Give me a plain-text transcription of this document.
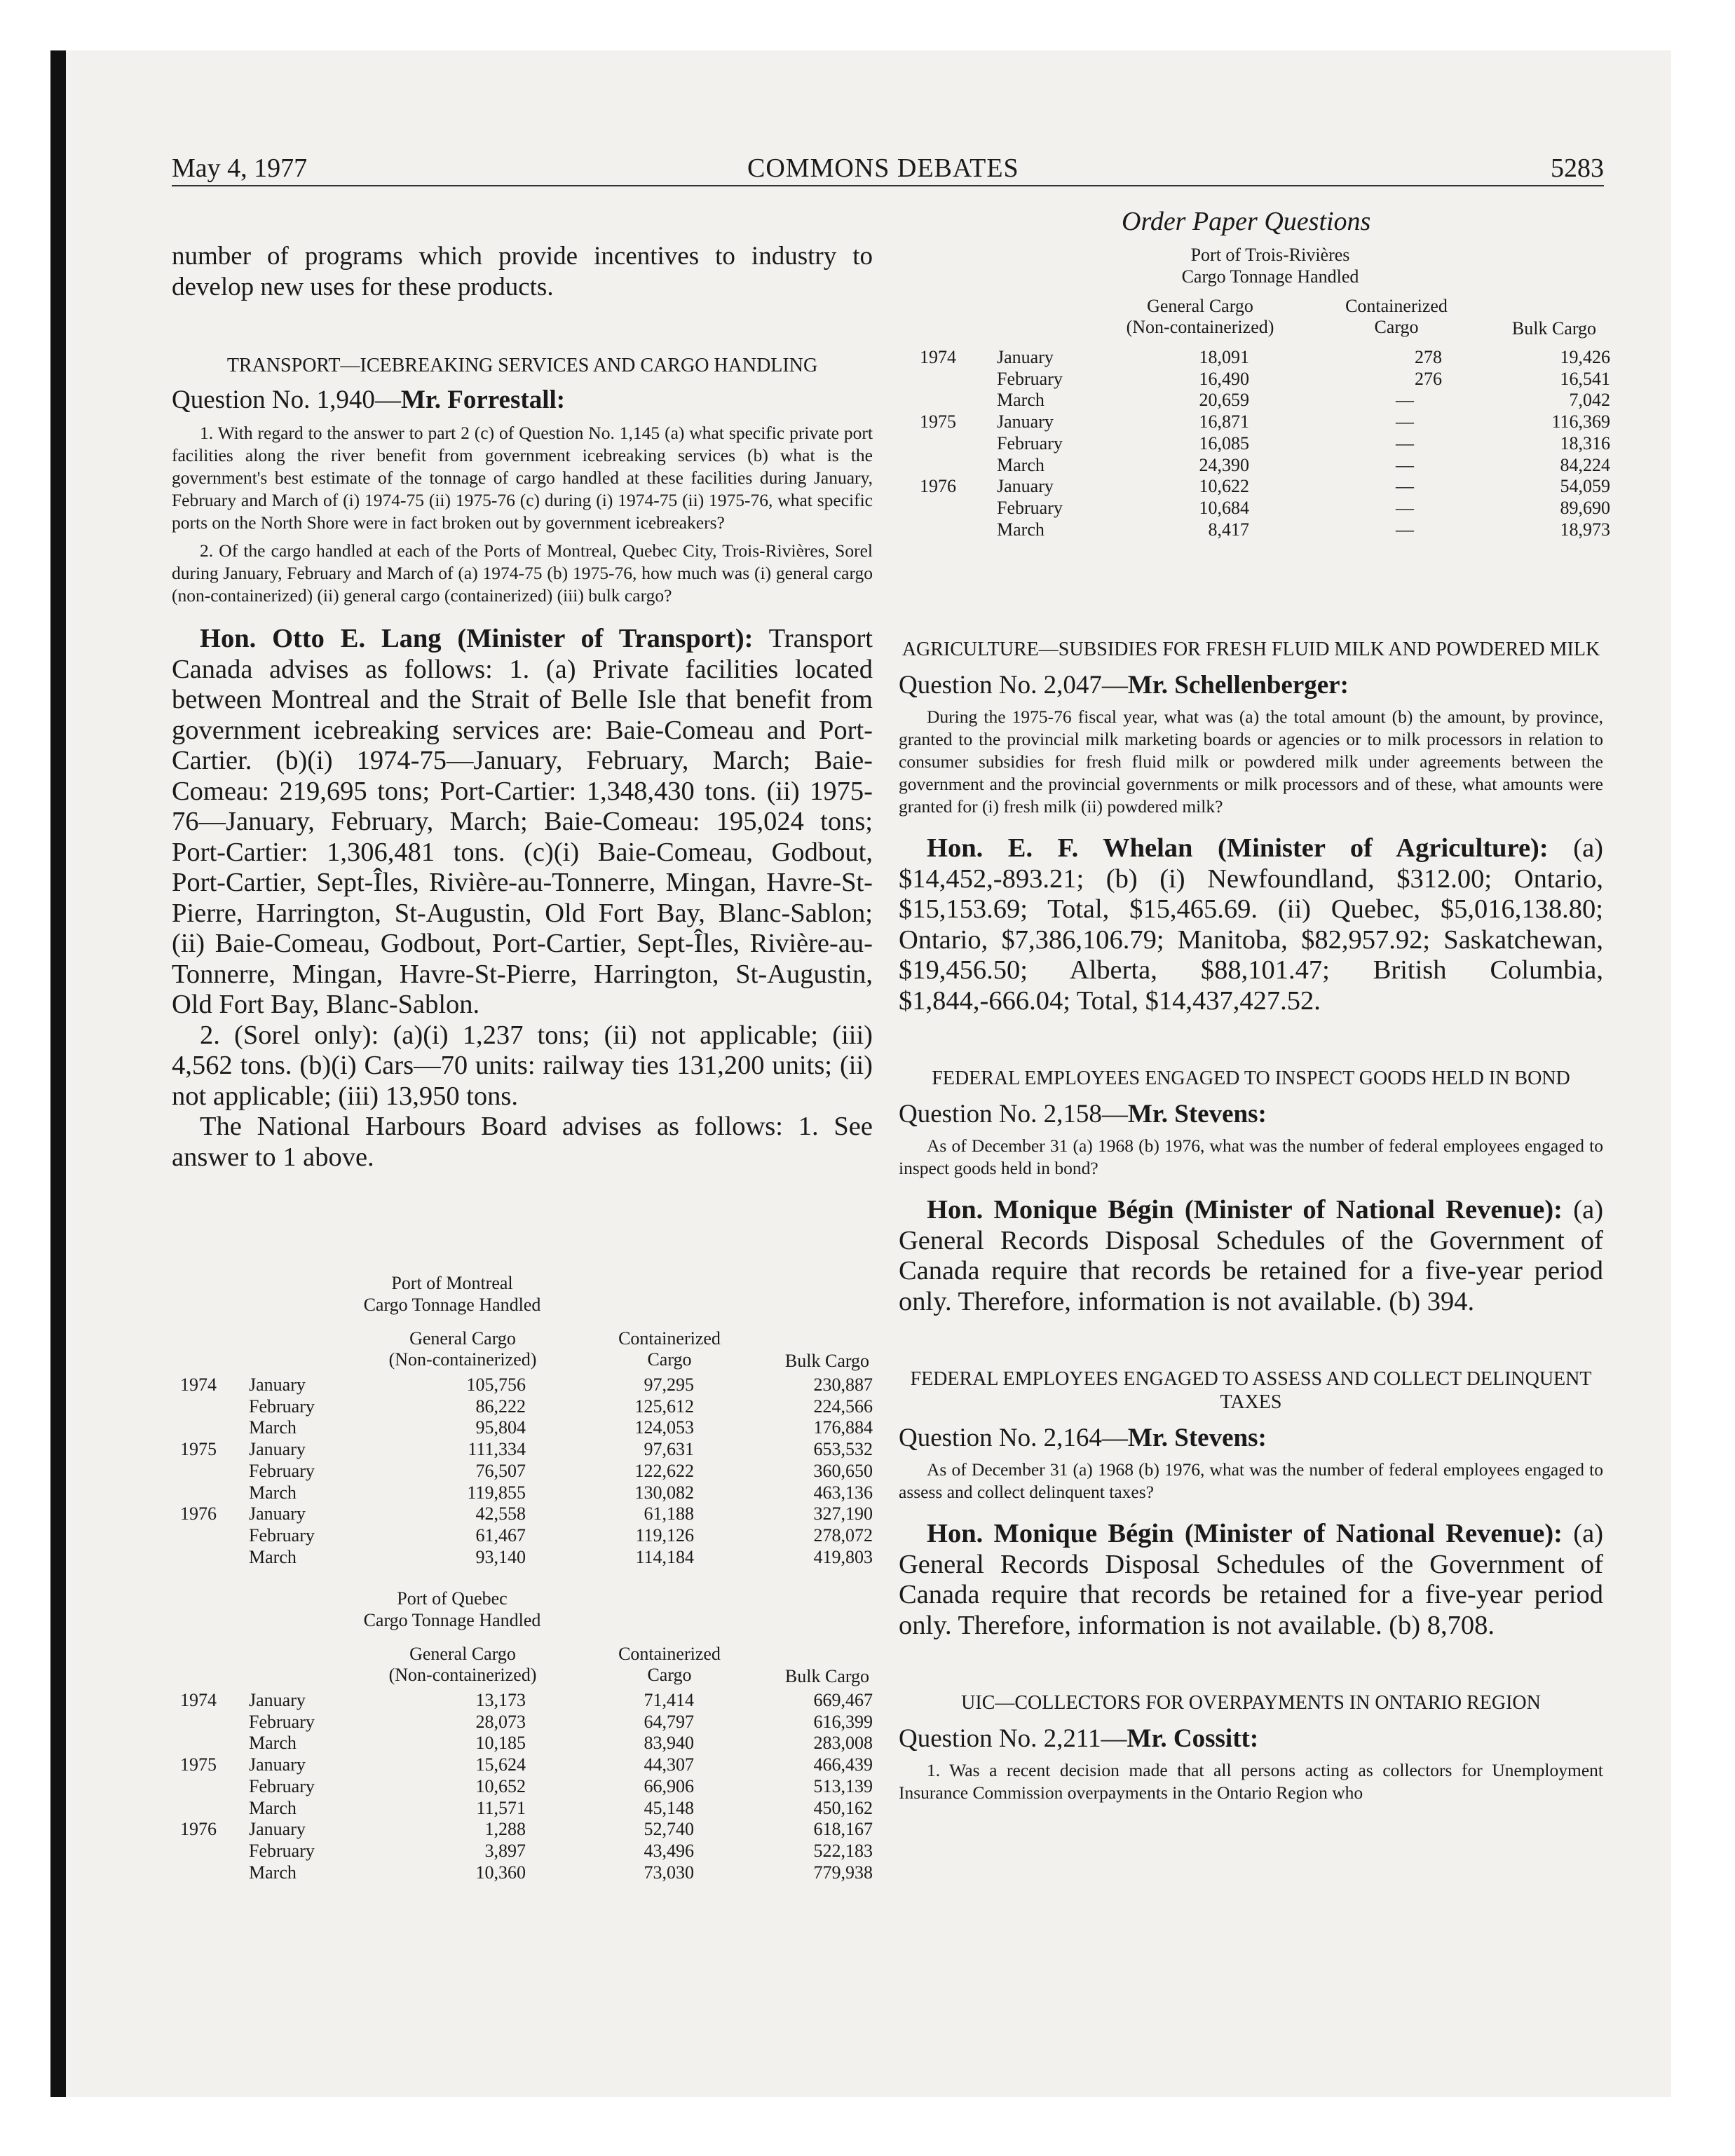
May 4, 1977	COMMONS DEBATES	5283
Order Paper Questions

number of programs which provide incentives to industry to develop new uses for these products.

TRANSPORT—ICEBREAKING SERVICES AND CARGO HANDLING

Question No. 1,940—Mr. Forrestall:

1. With regard to the answer to part 2 (c) of Question No. 1,145 (a) what specific private port facilities along the river benefit from government icebreaking services (b) what is the government's best estimate of the tonnage of cargo handled at these facilities during January, February and March of (i) 1974-75 (ii) 1975-76 (c) during (i) 1974-75 (ii) 1975-76, what specific ports on the North Shore were in fact broken out by government icebreakers?

2. Of the cargo handled at each of the Ports of Montreal, Quebec City, Trois-Rivières, Sorel during January, February and March of (a) 1974-75 (b) 1975-76, how much was (i) general cargo (non-containerized) (ii) general cargo (containerized) (iii) bulk cargo?

Hon. Otto E. Lang (Minister of Transport): Transport Canada advises as follows: 1. (a) Private facilities located between Montreal and the Strait of Belle Isle that benefit from government icebreaking services are: Baie-Comeau and Port-Cartier. (b)(i) 1974-75—January, February, March; Baie-Comeau: 219,695 tons; Port-Cartier: 1,348,430 tons. (ii) 1975-76—January, February, March; Baie-Comeau: 195,024 tons; Port-Cartier: 1,306,481 tons. (c)(i) Baie-Comeau, Godbout, Port-Cartier, Sept-Îles, Rivière-au-Tonnerre, Mingan, Havre-St-Pierre, Harrington, St-Augustin, Old Fort Bay, Blanc-Sablon; (ii) Baie-Comeau, Godbout, Port-Cartier, Sept-Îles, Rivière-au-Tonnerre, Mingan, Havre-St-Pierre, Harrington, St-Augustin, Old Fort Bay, Blanc-Sablon.

2. (Sorel only): (a)(i) 1,237 tons; (ii) not applicable; (iii) 4,562 tons. (b)(i) Cars—70 units: railway ties 131,200 units; (ii) not applicable; (iii) 13,950 tons.

The National Harbours Board advises as follows: 1. See answer to 1 above.

Port of Montreal
Cargo Tonnage Handled
General Cargo
(Non-containerized)
Containerized
Cargo	Bulk Cargo
1974 January	105,756	97,295	230,887
February	86,222	125,612	224,566
March	95,804	124,053	176,884
1975 January	111,334	97,631	653,532
February	76,507	122,622	360,650
March	119,855	130,082	463,136
1976 January	42,558	61,188	327,190
February	61,467	119,126	278,072
March	93,140	114,184	419,803
Port of Quebec
Cargo Tonnage Handled
General Cargo
(Non-containerized)
Containerized
Cargo	Bulk Cargo
1974 January	13,173	71,414	669,467
February	28,073	64,797	616,399
March	10,185	83,940	283,008
1975 January	15,624	44,307	466,439
February	10,652	66,906	513,139
March	11,571	45,148	450,162
1976 January	1,288	52,740	618,167
February	3,897	43,496	522,183
March	10,360	73,030	779,938
Port of Trois-Rivières
Cargo Tonnage Handled
General Cargo
(Non-containerized)
Containerized
Cargo	Bulk Cargo
1974 January	18,091	278	19,426
February	16,490	276	16,541
March	20,659	—	7,042
1975 January	16,871	—	116,369
February	16,085	—	18,316
March	24,390	—	84,224
1976 January	10,622	—	54,059
February	10,684	—	89,690
March	8,417	—	18,973

AGRICULTURE—SUBSIDIES FOR FRESH FLUID MILK AND POWDERED MILK

Question No. 2,047—Mr. Schellenberger:

During the 1975-76 fiscal year, what was (a) the total amount (b) the amount, by province, granted to the provincial milk marketing boards or agencies or to milk processors in relation to consumer subsidies for fresh fluid milk or powdered milk under agreements between the government and the provincial governments or milk processors and of these, what amounts were granted for (i) fresh milk (ii) powdered milk?

Hon. E. F. Whelan (Minister of Agriculture): (a) $14,452,-893.21; (b) (i) Newfoundland, $312.00; Ontario, $15,153.69; Total, $15,465.69. (ii) Quebec, $5,016,138.80; Ontario, $7,386,106.79; Manitoba, $82,957.92; Saskatchewan, $19,456.50; Alberta, $88,101.47; British Columbia, $1,844,-666.04; Total, $14,437,427.52.

FEDERAL EMPLOYEES ENGAGED TO INSPECT GOODS HELD IN BOND

Question No. 2,158—Mr. Stevens:

As of December 31 (a) 1968 (b) 1976, what was the number of federal employees engaged to inspect goods held in bond?

Hon. Monique Bégin (Minister of National Revenue): (a) General Records Disposal Schedules of the Government of Canada require that records be retained for a five-year period only. Therefore, information is not available. (b) 394.

FEDERAL EMPLOYEES ENGAGED TO ASSESS AND COLLECT DELINQUENT TAXES

Question No. 2,164—Mr. Stevens:

As of December 31 (a) 1968 (b) 1976, what was the number of federal employees engaged to assess and collect delinquent taxes?

Hon. Monique Bégin (Minister of National Revenue): (a) General Records Disposal Schedules of the Government of Canada require that records be retained for a five-year period only. Therefore, information is not available. (b) 8,708.

UIC—COLLECTORS FOR OVERPAYMENTS IN ONTARIO REGION

Question No. 2,211—Mr. Cossitt:

1. Was a recent decision made that all persons acting as collectors for Unemployment Insurance Commission overpayments in the Ontario Region who
